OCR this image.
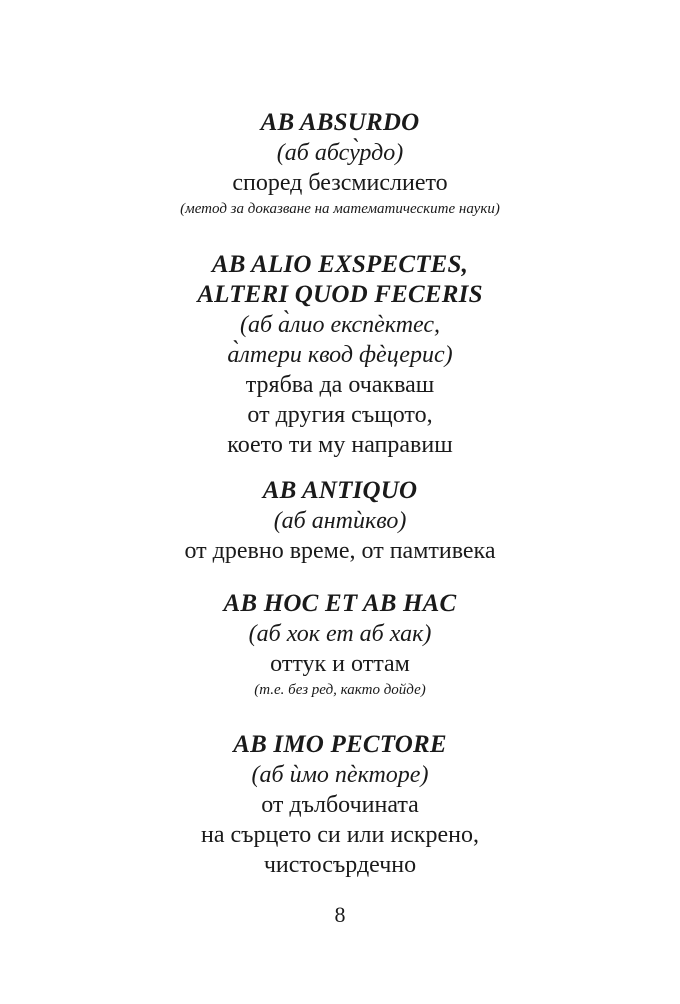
AB ABSURDO
(аб абсу̀рдо)
според безсмислието
(метод за доказване на математическите науки)
AB ALIO EXSPECTES,
ALTERI QUOD FECERIS
(аб а̀лио експѐктес,
а̀лтери квод фѐцерис)
трябва да очакваш
от другия същото,
което ти му направиш
AB ANTIQUO
(аб антѝкво)
от древно време, от памтивека
AB HOC ET AB HAC
(аб хок ет аб хак)
оттук и оттам
(т.е. без ред, както дойде)
AB IMO PECTORE
(аб ѝмо пѐкторе)
от дълбочината
на сърцето си или искрено,
чистосърдечно
8
